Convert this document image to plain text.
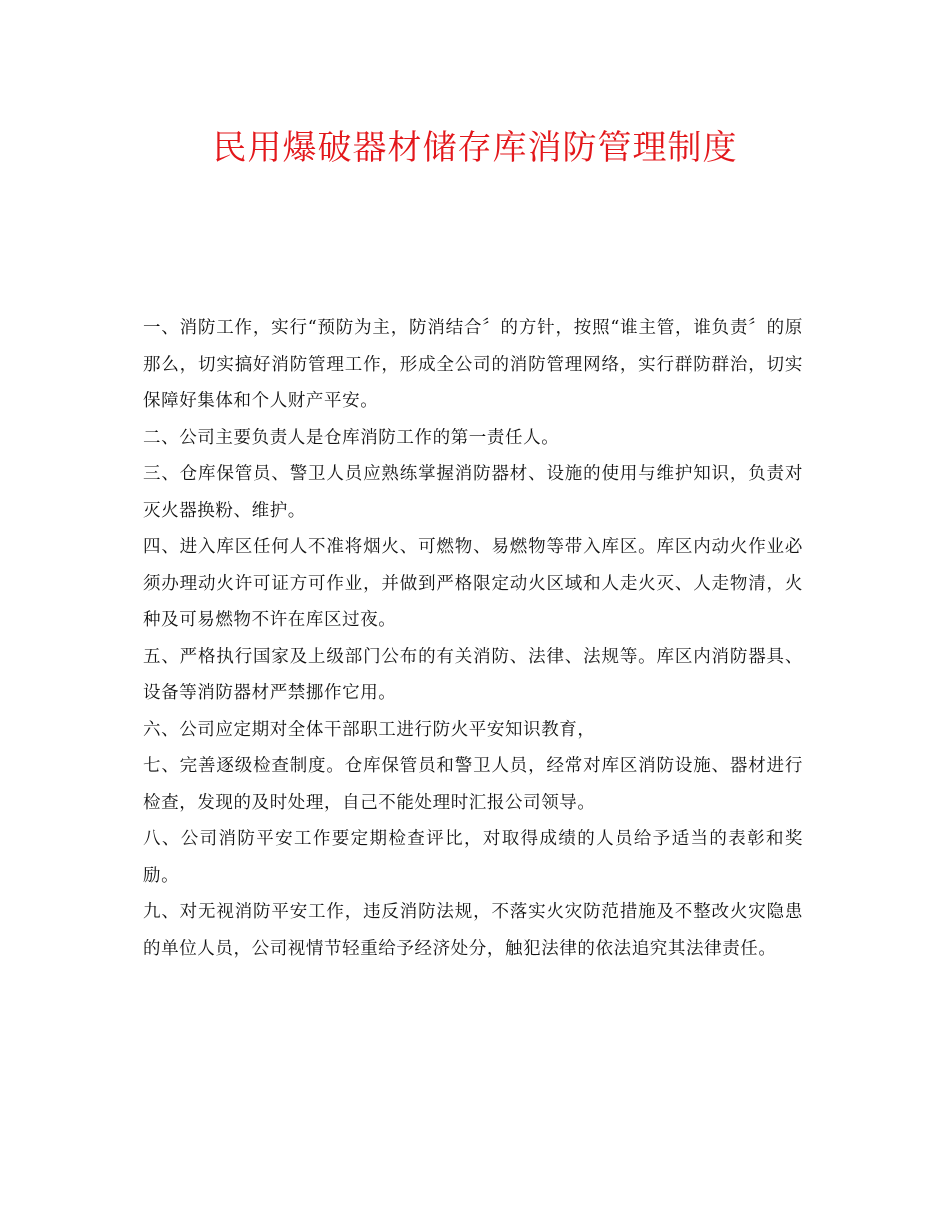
民用爆破器材储存库消防管理制度

一、消防工作，实行“预防为主，防消结合〞的方针，按照“谁主管，谁负责〞的原那么，切实搞好消防管理工作，形成全公司的消防管理网络，实行群防群治，切实保障好集体和个人财产平安。

二、公司主要负责人是仓库消防工作的第一责任人。

三、仓库保管员、警卫人员应熟练掌握消防器材、设施的使用与维护知识，负责对灭火器换粉、维护。

四、进入库区任何人不准将烟火、可燃物、易燃物等带入库区。库区内动火作业必须办理动火许可证方可作业，并做到严格限定动火区域和人走火灭、人走物清，火种及可易燃物不许在库区过夜。

五、严格执行国家及上级部门公布的有关消防、法律、法规等。库区内消防器具、设备等消防器材严禁挪作它用。

六、公司应定期对全体干部职工进行防火平安知识教育，

七、完善逐级检查制度。仓库保管员和警卫人员，经常对库区消防设施、器材进行检查，发现的及时处理，自己不能处理时汇报公司领导。

八、公司消防平安工作要定期检查评比，对取得成绩的人员给予适当的表彰和奖励。

九、对无视消防平安工作，违反消防法规，不落实火灾防范措施及不整改火灾隐患的单位人员，公司视情节轻重给予经济处分，触犯法律的依法追究其法律责任。
